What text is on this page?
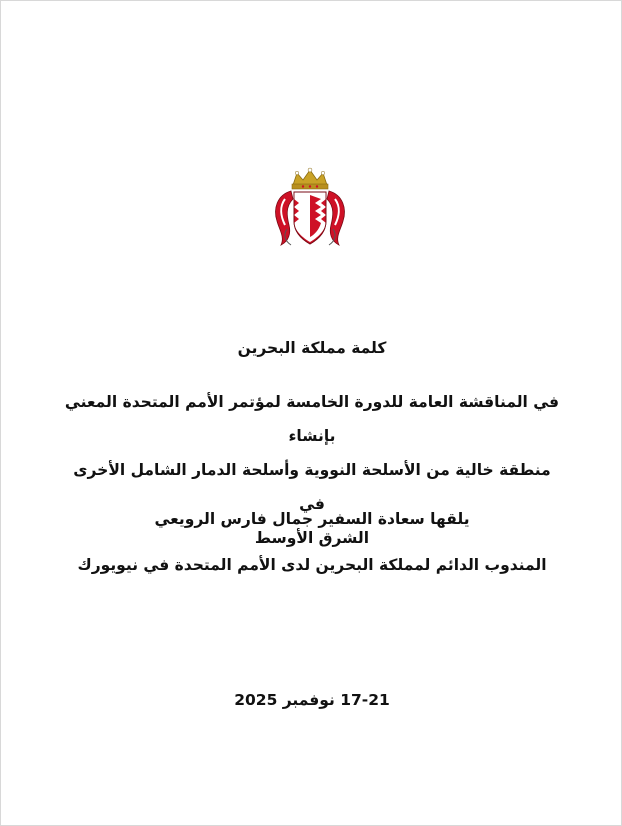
كلمة مملكة البحرين
في المناقشة العامة للدورة الخامسة لمؤتمر الأمم المتحدة المعني بإنشاء
منطقة خالية من الأسلحة النووية وأسلحة الدمار الشامل الأخرى في
الشرق الأوسط
يلقها سعادة السفير جمال فارس الرويعي
المندوب الدائم لمملكة البحرين لدى الأمم المتحدة في نيويورك
17-21 نوفمبر 2025
